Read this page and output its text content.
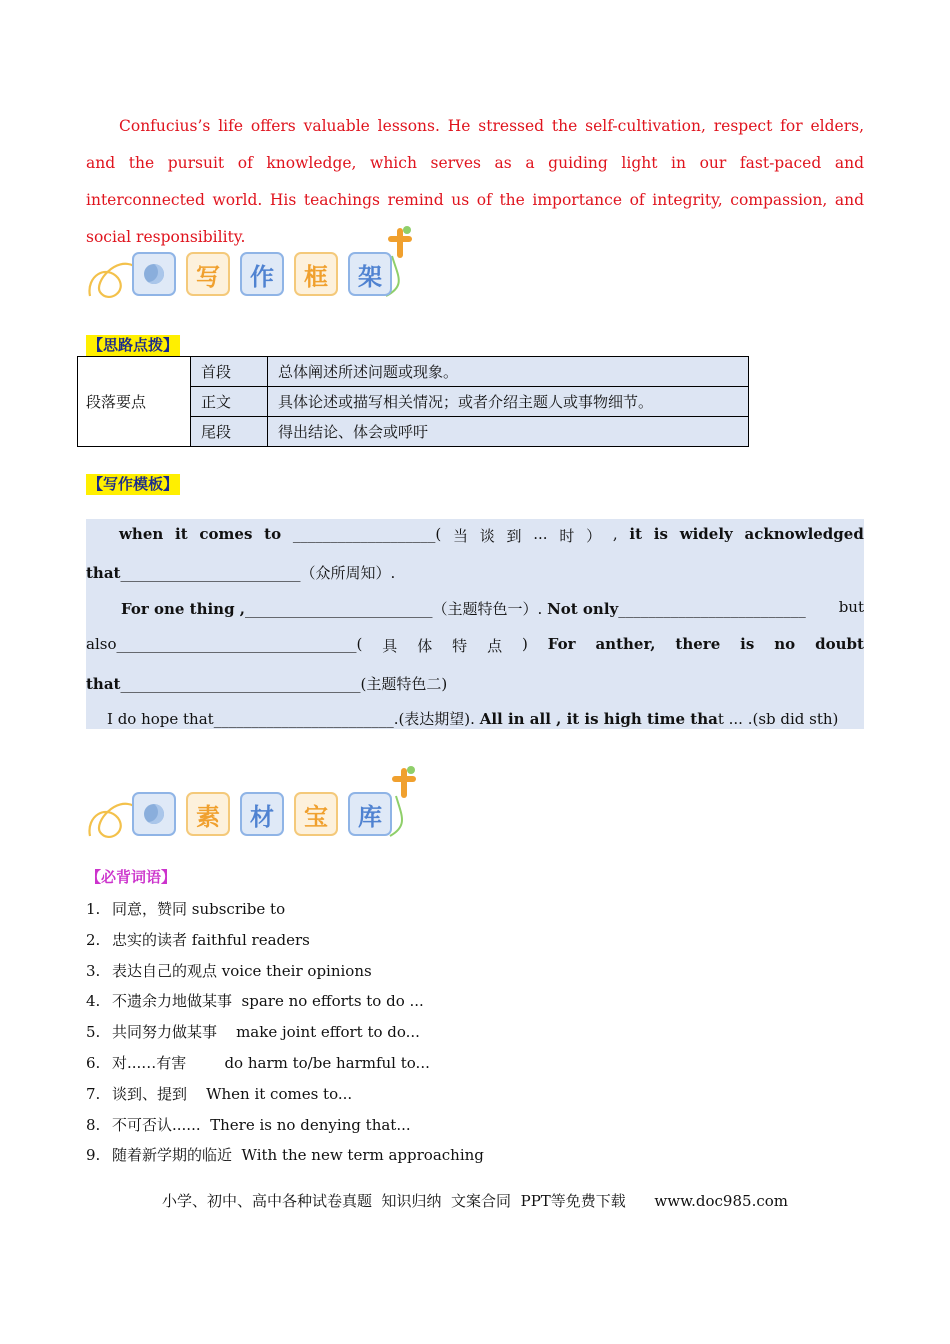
Confucius’s life offers valuable lessons. He stressed the self-cultivation, respect for elders, and the pursuit of knowledge, which serves as a guiding light in our fast-paced and interconnected world. His teachings remind us of the importance of integrity, compassion, and social responsibility.

写	作	框	架
【思路点拨】
段落要点	首段	总体阐述所述问题或现象。
	正文	具体论述或描写相关情况；或者介绍主题人或事物细节。
	尾段	得出结论、体会或呼吁
【写作模板】
when it comes to ___________________( 当 谈 到 ... 时 ） , it is widely acknowledged
that________________________（众所周知）.
For one thing ,_________________________（主题特色一）. Not only_________________________ but
also________________________________( 具 体 特 点 ) For anther, there is no doubt
that________________________________(主题特色二)
I do hope that________________________.(表达期望). All in all , it is high time that ... .(sb did sth)
素	材	宝	库
【必背词语】
1. 同意，赞同 subscribe to
2. 忠实的读者 faithful readers
3. 表达自己的观点 voice their opinions
4. 不遗余力地做某事  spare no efforts to do ...
5. 共同努力做某事    make joint effort to do...
6. 对...…有害        do harm to/be harmful to...
7. 谈到、提到    When it comes to...
8. 不可否认......  There is no denying that...
9. 随着新学期的临近  With the new term approaching
小学、初中、高中各种试卷真题  知识归纳  文案合同  PPT等免费下载      www.doc985.com
